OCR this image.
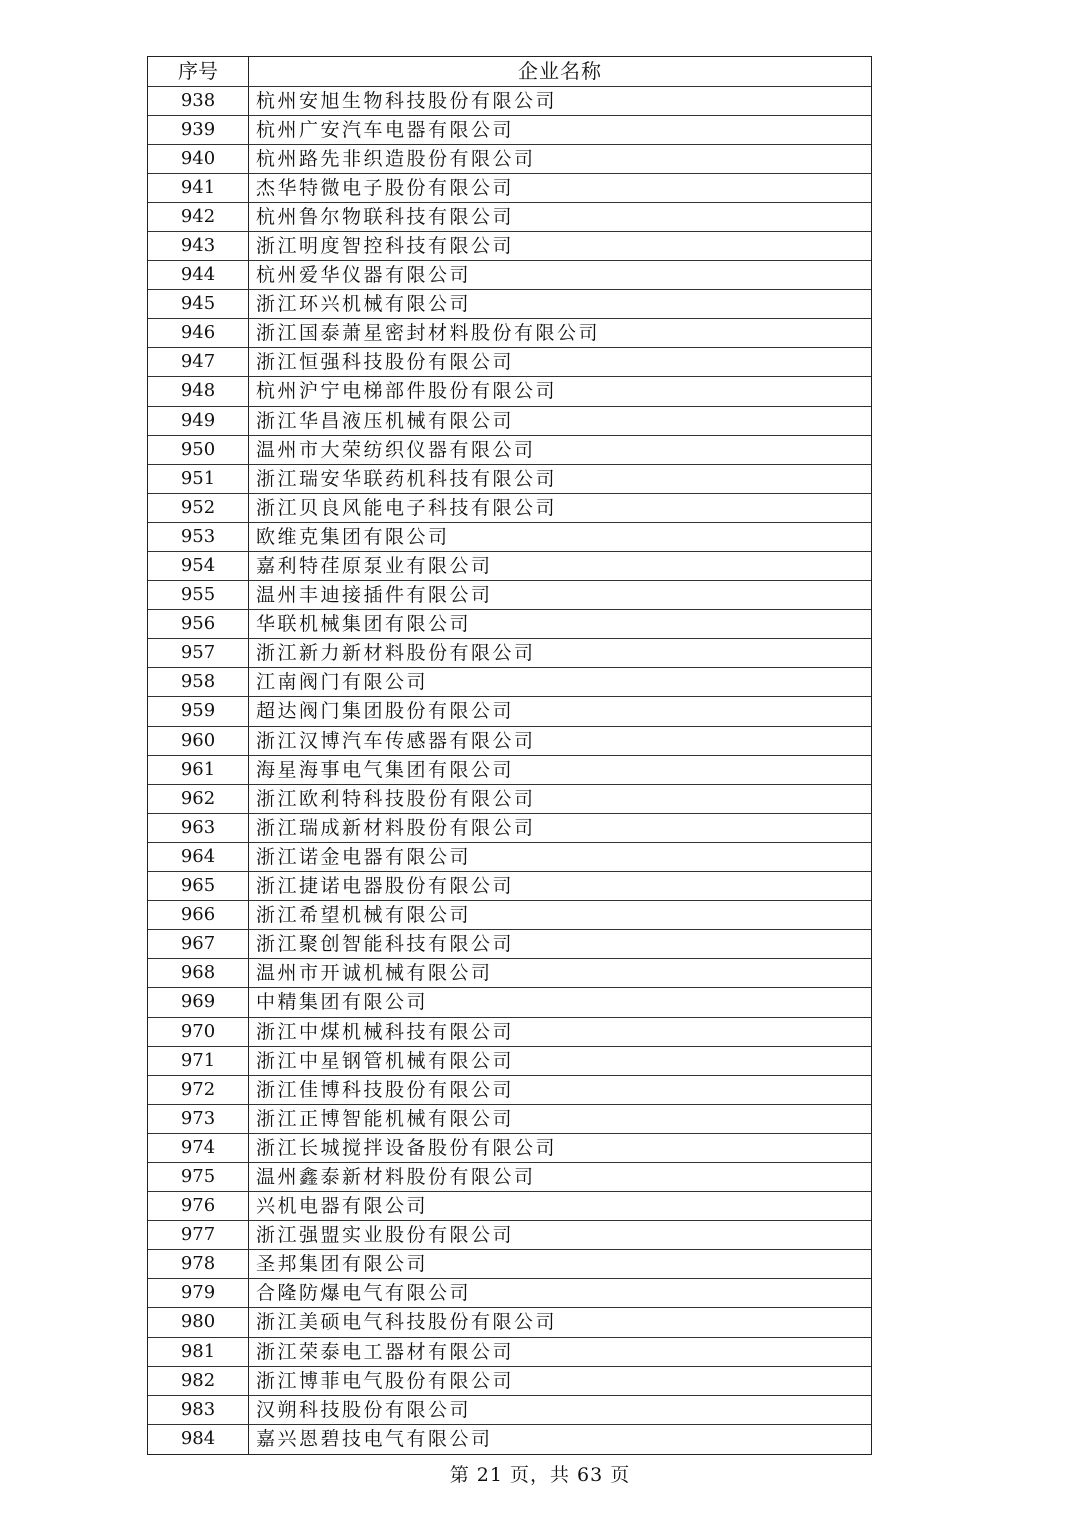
序号	企业名称
938	杭州安旭生物科技股份有限公司
939	杭州广安汽车电器有限公司
940	杭州路先非织造股份有限公司
941	杰华特微电子股份有限公司
942	杭州鲁尔物联科技有限公司
943	浙江明度智控科技有限公司
944	杭州爱华仪器有限公司
945	浙江环兴机械有限公司
946	浙江国泰萧星密封材料股份有限公司
947	浙江恒强科技股份有限公司
948	杭州沪宁电梯部件股份有限公司
949	浙江华昌液压机械有限公司
950	温州市大荣纺织仪器有限公司
951	浙江瑞安华联药机科技有限公司
952	浙江贝良风能电子科技有限公司
953	欧维克集团有限公司
954	嘉利特荏原泵业有限公司
955	温州丰迪接插件有限公司
956	华联机械集团有限公司
957	浙江新力新材料股份有限公司
958	江南阀门有限公司
959	超达阀门集团股份有限公司
960	浙江汉博汽车传感器有限公司
961	海星海事电气集团有限公司
962	浙江欧利特科技股份有限公司
963	浙江瑞成新材料股份有限公司
964	浙江诺金电器有限公司
965	浙江捷诺电器股份有限公司
966	浙江希望机械有限公司
967	浙江聚创智能科技有限公司
968	温州市开诚机械有限公司
969	中精集团有限公司
970	浙江中煤机械科技有限公司
971	浙江中星钢管机械有限公司
972	浙江佳博科技股份有限公司
973	浙江正博智能机械有限公司
974	浙江长城搅拌设备股份有限公司
975	温州鑫泰新材料股份有限公司
976	兴机电器有限公司
977	浙江强盟实业股份有限公司
978	圣邦集团有限公司
979	合隆防爆电气有限公司
980	浙江美硕电气科技股份有限公司
981	浙江荣泰电工器材有限公司
982	浙江博菲电气股份有限公司
983	汉朔科技股份有限公司
984	嘉兴恩碧技电气有限公司
第 21 页，共 63 页
